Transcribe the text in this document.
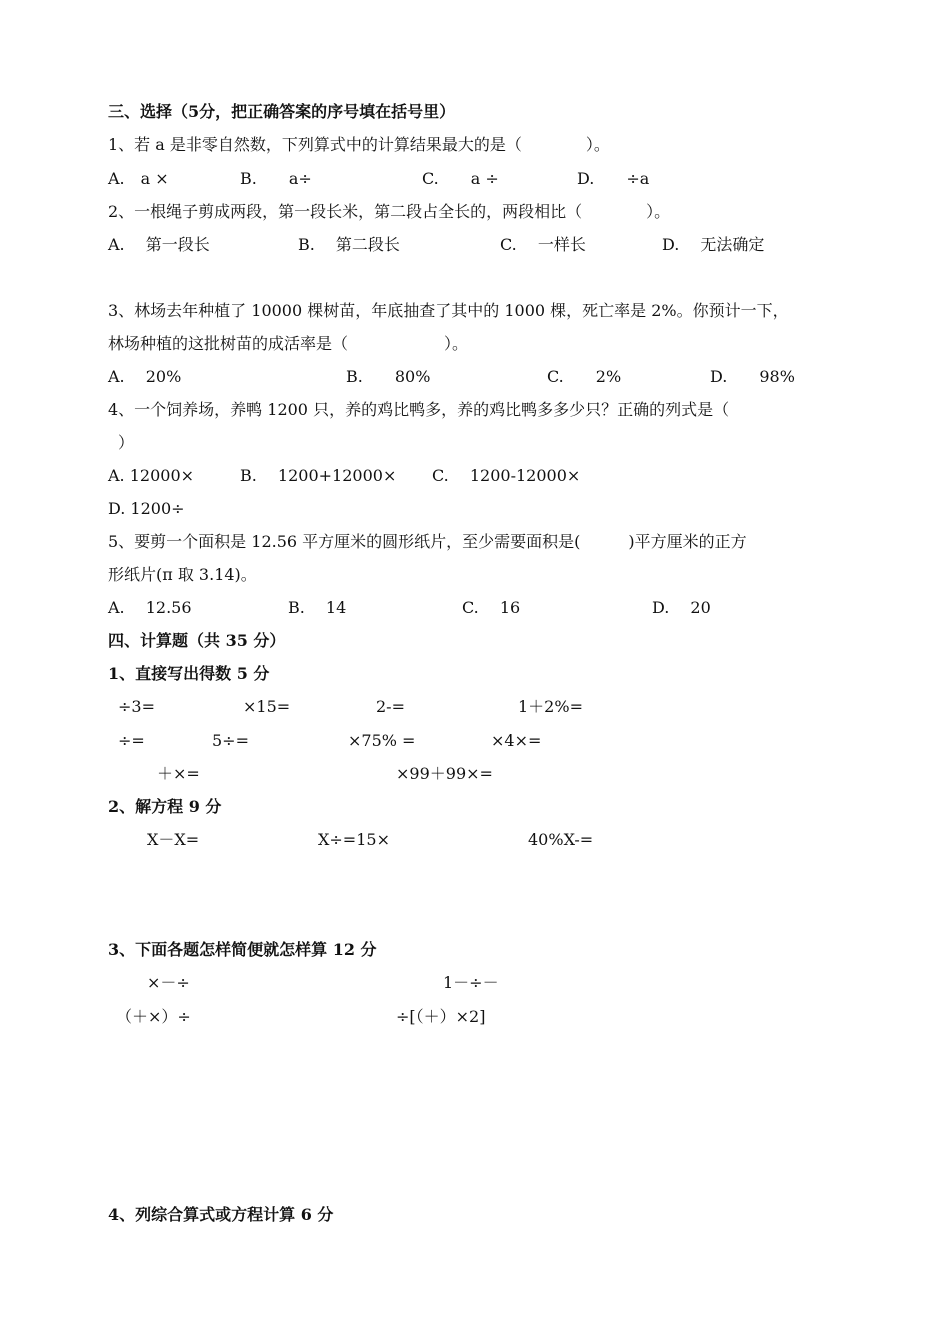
三、选择（5分，把正确答案的序号填在括号里）
1、若 a 是非零自然数，下列算式中的计算结果最大的是（　　　　）。
A.　a ×	B.　　a÷	C.　　a ÷	D.　　÷a
2、一根绳子剪成两段，第一段长米，第二段占全长的，两段相比（　　　　）。
A.　 第一段长	B.　 第二段长	C.　 一样长	D.　 无法确定
3、林场去年种植了 10000 棵树苗，年底抽查了其中的 1000 棵，死亡率是 2%。你预计一下，
林场种植的这批树苗的成活率是（　　　　　　）。
A.　 20%	B.　　80%	C.　　2%	D.　　98%
4、一个饲养场，养鸭 1200 只，养的鸡比鸭多，养的鸡比鸭多多少只？正确的列式是（
）
A. 12000×	B.　 1200+12000× C.　 1200-12000×
D. 1200÷
5、要剪一个面积是 12.56 平方厘米的圆形纸片，至少需要面积是(　　　)平方厘米的正方
形纸片(π 取 3.14)。
A.　 12.56	B.　 14	C.　 16	D.　 20
四、计算题（共 35 分）
1、直接写出得数 5 分
÷3=	×15=	2-=	1＋2%=
÷=	5÷=	×75% =	×4×=
＋×=	×99＋99×=
2、解方程 9 分
X－X=	X÷=15×	40%X-=
3、下面各题怎样简便就怎样算 12 分
×－÷	1－÷－
（＋×）÷	÷[（＋）×2]
4、列综合算式或方程计算 6 分
